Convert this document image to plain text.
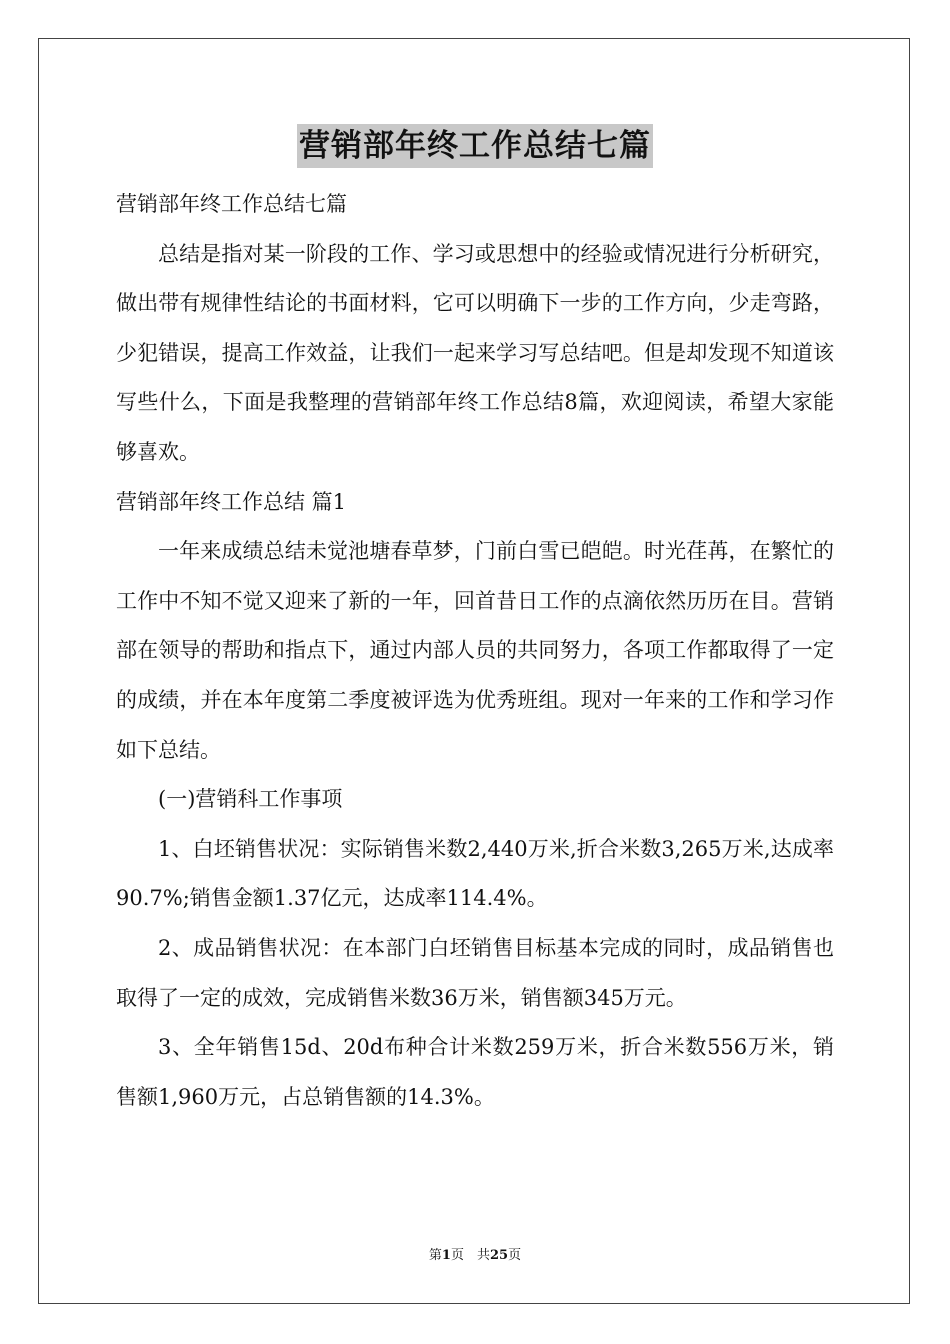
营销部年终工作总结七篇

营销部年终工作总结七篇

总结是指对某一阶段的工作、学习或思想中的经验或情况进行分析研究，做出带有规律性结论的书面材料，它可以明确下一步的工作方向，少走弯路，少犯错误，提高工作效益，让我们一起来学习写总结吧。但是却发现不知道该写些什么，下面是我整理的营销部年终工作总结8篇，欢迎阅读，希望大家能够喜欢。

营销部年终工作总结 篇1

一年来成绩总结未觉池塘春草梦，门前白雪已皑皑。时光荏苒，在繁忙的工作中不知不觉又迎来了新的一年，回首昔日工作的点滴依然历历在目。营销部在领导的帮助和指点下，通过内部人员的共同努力，各项工作都取得了一定的成绩，并在本年度第二季度被评选为优秀班组。现对一年来的工作和学习作如下总结。

(一)营销科工作事项

1、白坯销售状况：实际销售米数2,440万米,折合米数3,265万米,达成率90.7%;销售金额1.37亿元，达成率114.4%。

2、成品销售状况：在本部门白坯销售目标基本完成的同时，成品销售也取得了一定的成效，完成销售米数36万米，销售额345万元。

3、全年销售15d、20d布种合计米数259万米，折合米数556万米，销售额1,960万元，占总销售额的14.3%。

第1页　共25页
